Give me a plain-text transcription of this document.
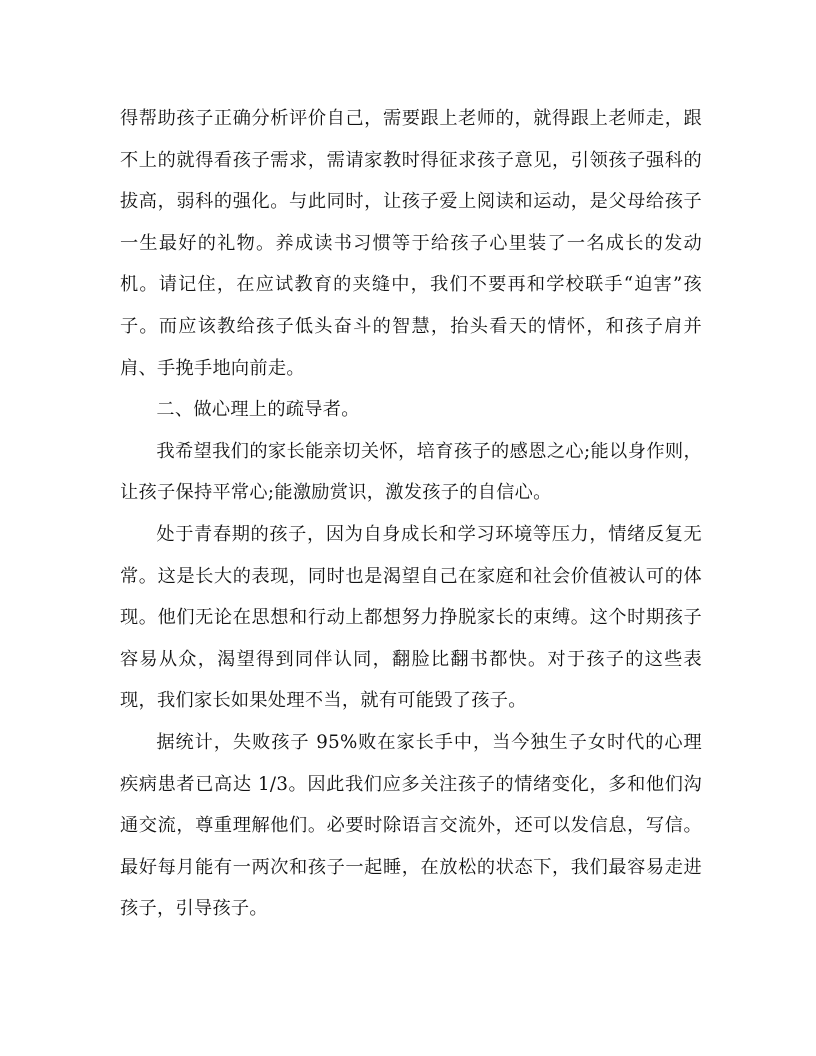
得帮助孩子正确分析评价自己，需要跟上老师的，就得跟上老师走，跟不上的就得看孩子需求，需请家教时得征求孩子意见，引领孩子强科的拔高，弱科的强化。与此同时，让孩子爱上阅读和运动，是父母给孩子一生最好的礼物。养成读书习惯等于给孩子心里装了一名成长的发动机。请记住，在应试教育的夹缝中，我们不要再和学校联手“迫害”孩子。而应该教给孩子低头奋斗的智慧，抬头看天的情怀，和孩子肩并肩、手挽手地向前走。

二、做心理上的疏导者。

我希望我们的家长能亲切关怀，培育孩子的感恩之心;能以身作则，让孩子保持平常心;能激励赏识，激发孩子的自信心。

处于青春期的孩子，因为自身成长和学习环境等压力，情绪反复无常。这是长大的表现，同时也是渴望自己在家庭和社会价值被认可的体现。他们无论在思想和行动上都想努力挣脱家长的束缚。这个时期孩子容易从众，渴望得到同伴认同，翻脸比翻书都快。对于孩子的这些表现，我们家长如果处理不当，就有可能毁了孩子。

据统计，失败孩子 95%败在家长手中，当今独生子女时代的心理疾病患者已高达 1/3。因此我们应多关注孩子的情绪变化，多和他们沟通交流，尊重理解他们。必要时除语言交流外，还可以发信息，写信。最好每月能有一两次和孩子一起睡，在放松的状态下，我们最容易走进孩子，引导孩子。
